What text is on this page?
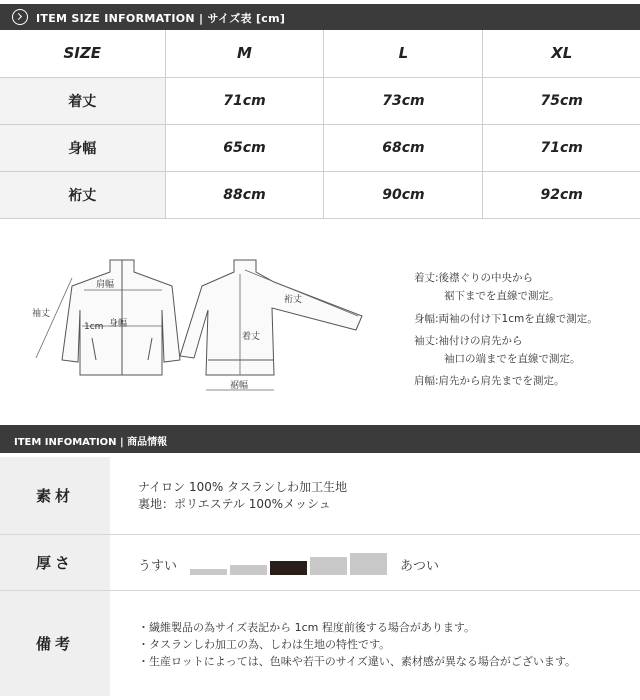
ITEM SIZE INFORMATION | サイズ表 [cm]
SIZE	M	L	XL
着丈	71cm	73cm	75cm
身幅	65cm	68cm	71cm
裄丈	88cm	90cm	92cm
肩幅
袖丈
1cm 身幅
着丈
裄丈
裾幅
着丈: 後襟ぐりの中央から
裾下までを直線で測定。
身幅: 両袖の付け下1cmを直線で測定。
袖丈: 袖付けの肩先から
袖口の端までを直線で測定。
肩幅: 肩先から肩先までを測定。
ITEM INFOMATION | 商品情報
素材	ナイロン 100% タスランしわ加工生地
裏地：ポリエステル 100%メッシュ
厚さ	うすい	あつい
備考
・繊維製品の為サイズ表記から 1cm 程度前後する場合があります。
・タスランしわ加工の為、しわは生地の特性です。
・生産ロットによっては、色味や若干のサイズ違い、素材感が異なる場合がございます。
